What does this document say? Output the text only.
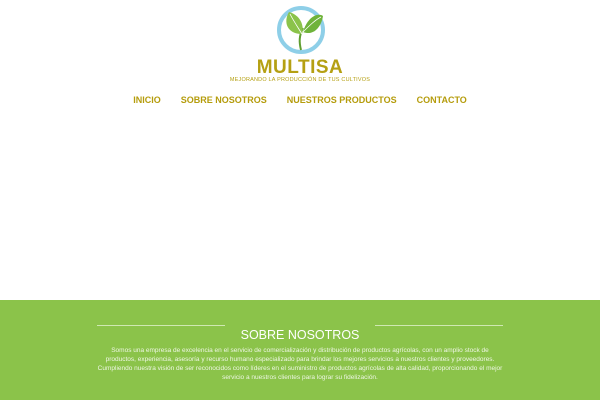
MULTISA
MEJORANDO LA PRODUCCIÓN DE TUS CULTIVOS
INICIO SOBRE NOSOTROS NUESTROS PRODUCTOS CONTACTO
SOBRE NOSOTROS

Somos una empresa de excelencia en el servicio de comercialización y distribución de productos agrícolas, con un amplio stock de productos, experiencia, asesoría y recurso humano especializado para brindar los mejores servicios a nuestros clientes y proveedores. Cumpliendo nuestra visión de ser reconocidos como líderes en el suministro de productos agrícolas de alta calidad, proporcionando el mejor servicio a nuestros clientes para lograr su fidelización.
